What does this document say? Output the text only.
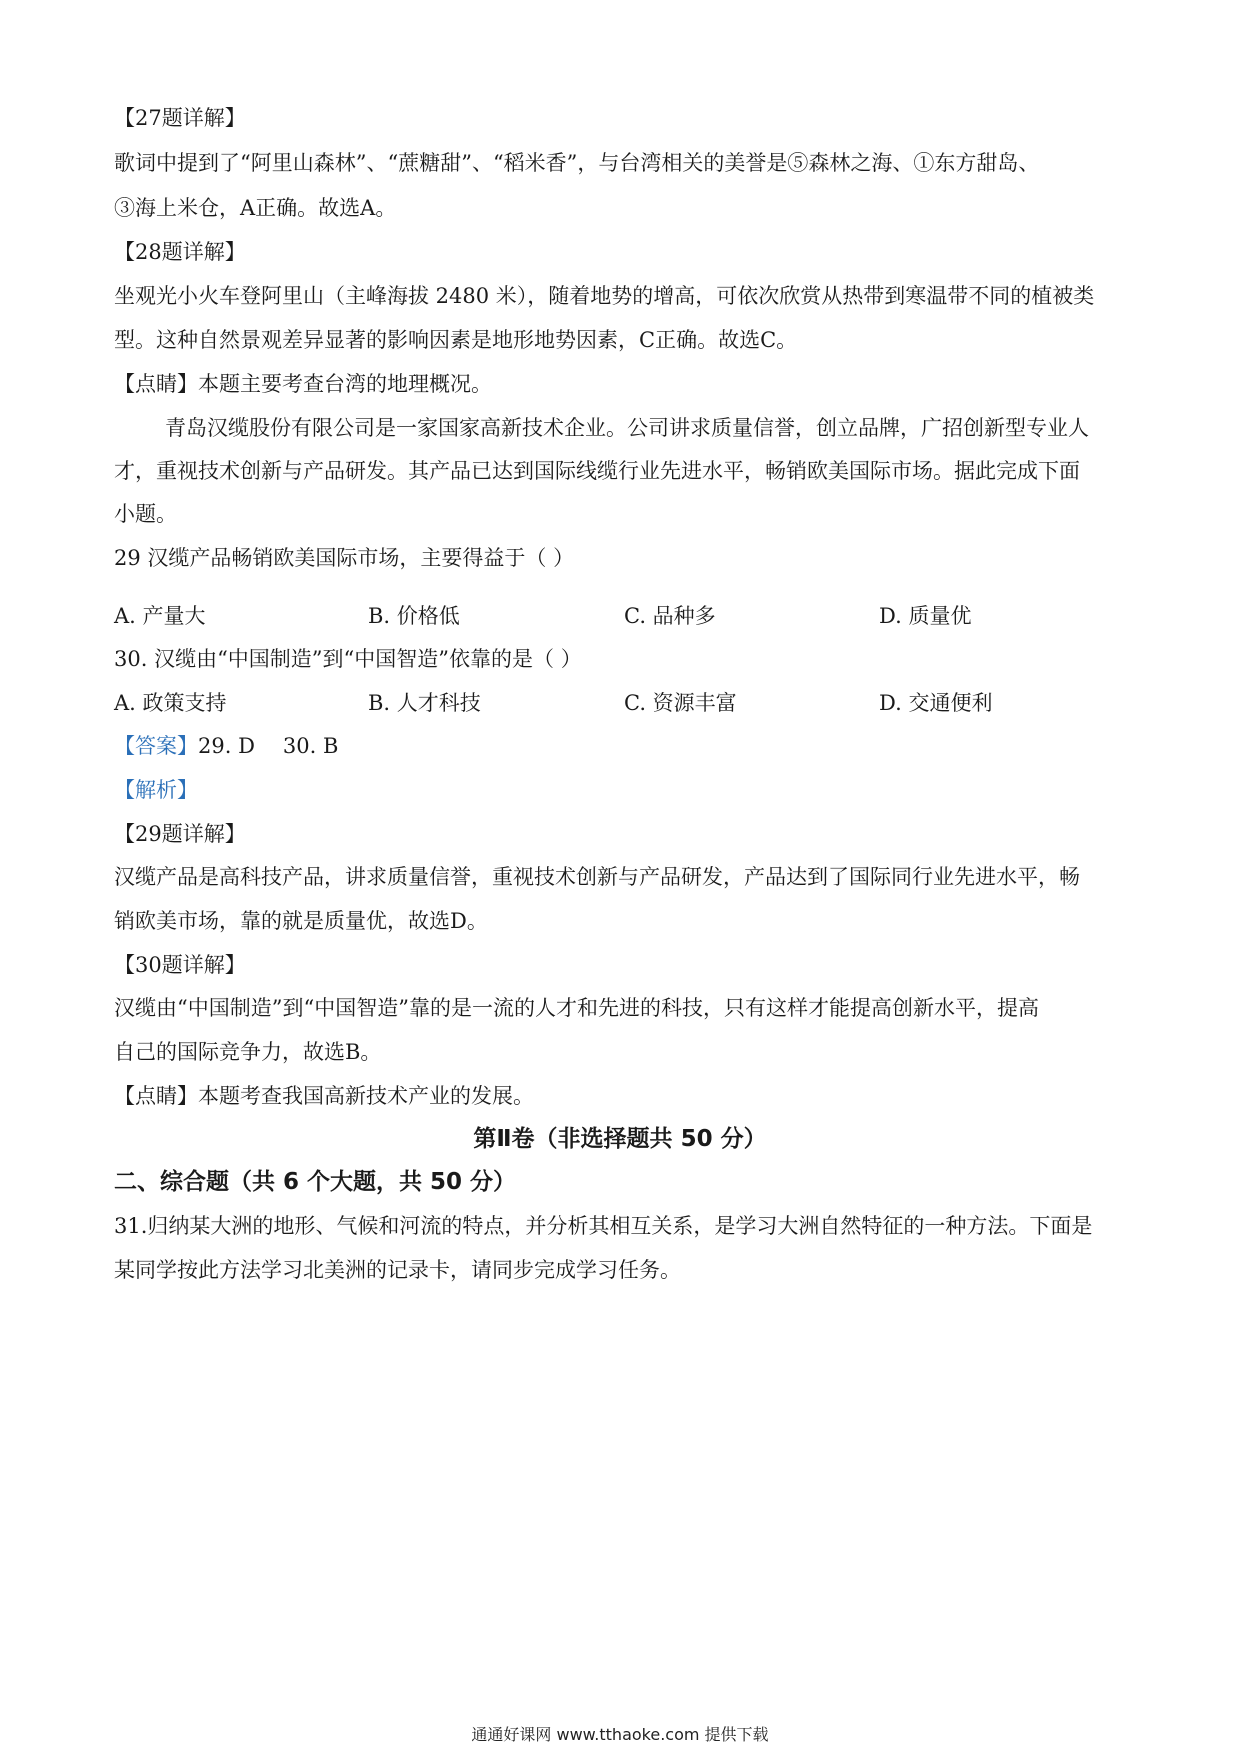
【27题详解】
歌词中提到了“阿里山森林”、“蔗糖甜”、“稻米香”，与台湾相关的美誉是⑤森林之海、①东方甜岛、
③海上米仓，A正确。故选A。
【28题详解】
坐观光小火车登阿里山（主峰海拔 2480 米），随着地势的增高，可依次欣赏从热带到寒温带不同的植被类
型。这种自然景观差异显著的影响因素是地形地势因素，C正确。故选C。
【点睛】本题主要考查台湾的地理概况。
青岛汉缆股份有限公司是一家国家高新技术企业。公司讲求质量信誉，创立品牌，广招创新型专业人
才，重视技术创新与产品研发。其产品已达到国际线缆行业先进水平，畅销欧美国际市场。据此完成下面
小题。
29 汉缆产品畅销欧美国际市场，主要得益于（ ）
A. 产量大	B. 价格低	C. 品种多	D. 质量优
30. 汉缆由“中国制造”到“中国智造”依靠的是（ ）
A. 政策支持	B. 人才科技	C. 资源丰富	D. 交通便利
【答案】29. D 30. B
【解析】
【29题详解】
汉缆产品是高科技产品，讲求质量信誉，重视技术创新与产品研发，产品达到了国际同行业先进水平，畅
销欧美市场，靠的就是质量优，故选D。
【30题详解】
汉缆由“中国制造”到“中国智造”靠的是一流的人才和先进的科技，只有这样才能提高创新水平，提高
自己的国际竞争力，故选B。
【点睛】本题考查我国高新技术产业的发展。
第Ⅱ卷（非选择题共 50 分）
二、综合题（共 6 个大题，共 50 分）
31.归纳某大洲的地形、气候和河流的特点，并分析其相互关系，是学习大洲自然特征的一种方法。下面是
某同学按此方法学习北美洲的记录卡，请同步完成学习任务。
通通好课网 www.tthaoke.com 提供下载
